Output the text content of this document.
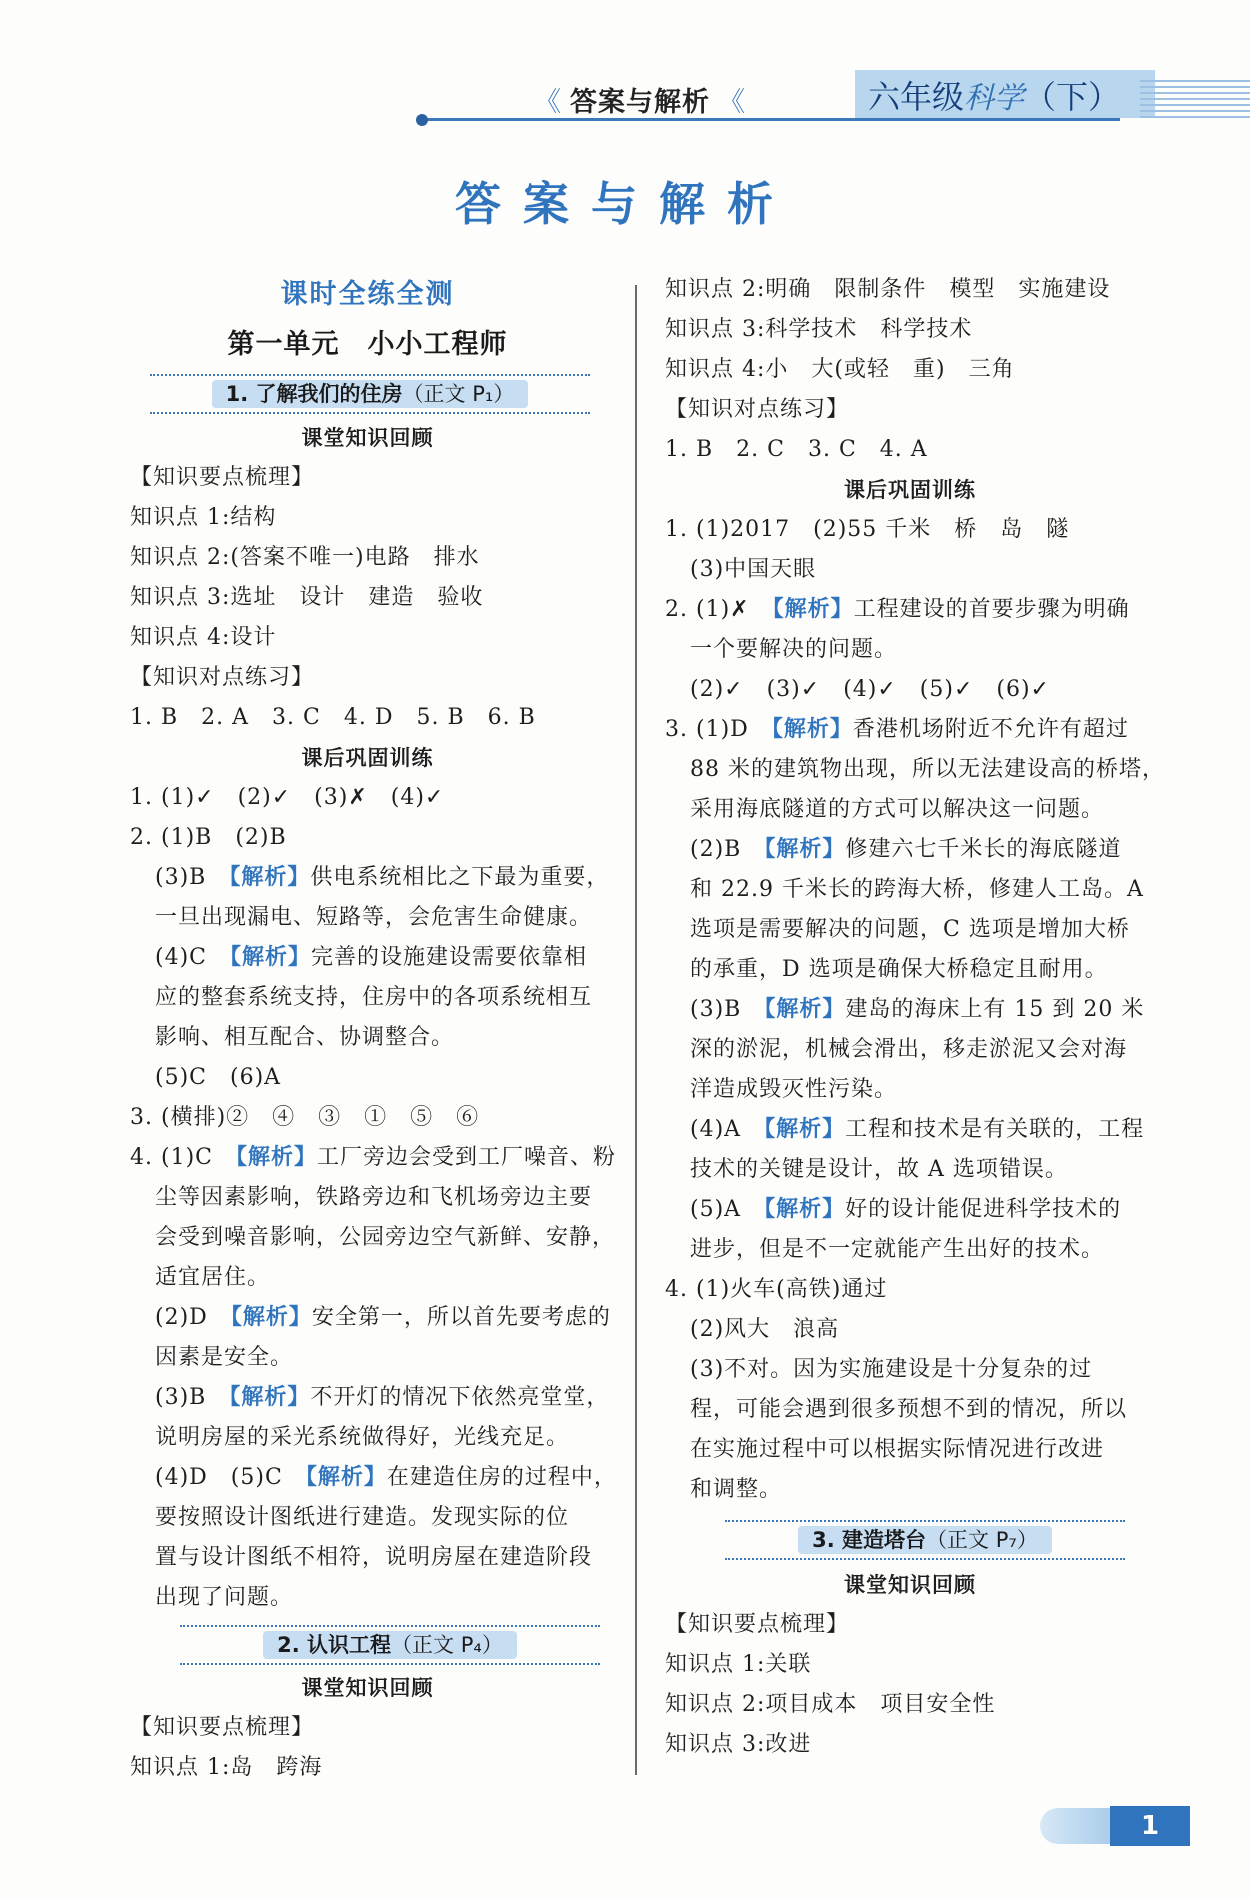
《 答案与解析 《	六年级科学（下）
答案与解析
课时全练全测
第一单元　小小工程师
1. 了解我们的住房（正文 P₁）
课堂知识回顾
【知识要点梳理】
知识点 1:结构
知识点 2:(答案不唯一)电路　排水
知识点 3:选址　设计　建造　验收
知识点 4:设计
【知识对点练习】
1. B　2. A　3. C　4. D　5. B　6. B
课后巩固训练
1. (1)✓　(2)✓　(3)✗　(4)✓
2. (1)B　(2)B
(3)B　 【解析】供电系统相比之下最为重要，
一旦出现漏电、短路等，会危害生命健康。
(4)C　 【解析】完善的设施建设需要依靠相
应的整套系统支持，住房中的各项系统相互
影响、相互配合、协调整合。
(5)C　(6)A
3. (横排)②　④　③　①　⑤　⑥
4. (1)C　 【解析】工厂旁边会受到工厂噪音、粉
尘等因素影响，铁路旁边和飞机场旁边主要
会受到噪音影响，公园旁边空气新鲜、安静，
适宜居住。
(2)D　 【解析】安全第一，所以首先要考虑的
因素是安全。
(3)B　 【解析】不开灯的情况下依然亮堂堂，
说明房屋的采光系统做得好，光线充足。
(4)D　(5)C　 【解析】在建造住房的过程中，
要按照设计图纸进行建造。发现实际的位
置与设计图纸不相符，说明房屋在建造阶段
出现了问题。
2. 认识工程（正文 P₄）
课堂知识回顾
【知识要点梳理】
知识点 1:岛　跨海
知识点 2:明确　限制条件　模型　实施建设
知识点 3:科学技术　科学技术
知识点 4:小　大(或轻　重)　三角
【知识对点练习】
1. B　2. C　3. C　4. A
课后巩固训练
1. (1)2017　(2)55 千米　桥　岛　隧
(3)中国天眼
2. (1)✗　 【解析】工程建设的首要步骤为明确
一个要解决的问题。
(2)✓　(3)✓　(4)✓　(5)✓　(6)✓
3. (1)D　 【解析】香港机场附近不允许有超过
88 米的建筑物出现，所以无法建设高的桥塔，
采用海底隧道的方式可以解决这一问题。
(2)B　 【解析】修建六七千米长的海底隧道
和 22.9 千米长的跨海大桥，修建人工岛。A
选项是需要解决的问题，C 选项是增加大桥
的承重，D 选项是确保大桥稳定且耐用。
(3)B　 【解析】建岛的海床上有 15 到 20 米
深的淤泥，机械会滑出，移走淤泥又会对海
洋造成毁灭性污染。
(4)A　 【解析】工程和技术是有关联的，工程
技术的关键是设计，故 A 选项错误。
(5)A　 【解析】好的设计能促进科学技术的
进步，但是不一定就能产生出好的技术。
4. (1)火车(高铁)通过
(2)风大　浪高
(3)不对。因为实施建设是十分复杂的过
程，可能会遇到很多预想不到的情况，所以
在实施过程中可以根据实际情况进行改进
和调整。
3. 建造塔台（正文 P₇）
课堂知识回顾
【知识要点梳理】
知识点 1:关联
知识点 2:项目成本　项目安全性
知识点 3:改进
1
